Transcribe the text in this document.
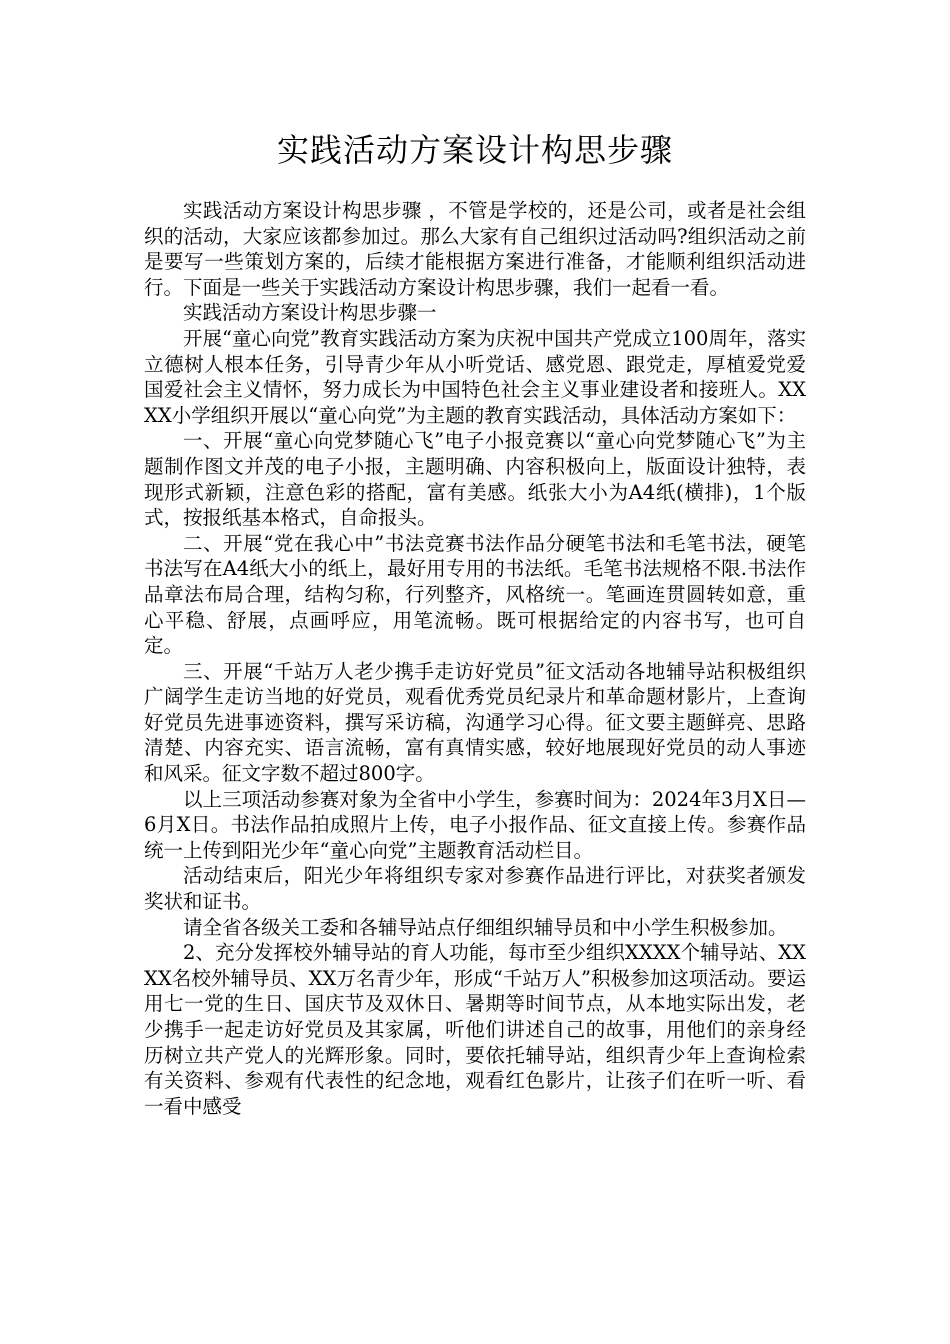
实践活动方案设计构思步骤

实践活动方案设计构思步骤 ，不管是学校的，还是公司，或者是社会组织的活动，大家应该都参加过。那么大家有自己组织过活动吗?组织活动之前是要写一些策划方案的，后续才能根据方案进行准备，才能顺利组织活动进行。下面是一些关于实践活动方案设计构思步骤，我们一起看一看。

实践活动方案设计构思步骤一

开展“童心向党”教育实践活动方案为庆祝中国共产党成立100周年，落实立德树人根本任务，引导青少年从小听党话、感党恩、跟党走，厚植爱党爱国爱社会主义情怀，努力成长为中国特色社会主义事业建设者和接班人。XXXX小学组织开展以“童心向党”为主题的教育实践活动，具体活动方案如下：

一、开展“童心向党梦随心飞”电子小报竞赛以“童心向党梦随心飞”为主题制作图文并茂的电子小报，主题明确、内容积极向上，版面设计独特，表现形式新颖，注意色彩的搭配，富有美感。纸张大小为A4纸(横排)，1个版式，按报纸基本格式，自命报头。

二、开展“党在我心中”书法竞赛书法作品分硬笔书法和毛笔书法，硬笔书法写在A4纸大小的纸上，最好用专用的书法纸。毛笔书法规格不限.书法作品章法布局合理，结构匀称，行列整齐，风格统一。笔画连贯圆转如意，重心平稳、舒展，点画呼应，用笔流畅。既可根据给定的内容书写，也可自定。

三、开展“千站万人老少携手走访好党员”征文活动各地辅导站积极组织广阔学生走访当地的好党员，观看优秀党员纪录片和革命题材影片，上查询好党员先进事迹资料，撰写采访稿，沟通学习心得。征文要主题鲜亮、思路清楚、内容充实、语言流畅，富有真情实感，较好地展现好党员的动人事迹和风采。征文字数不超过800字。

以上三项活动参赛对象为全省中小学生，参赛时间为：2024年3月X日—6月X日。书法作品拍成照片上传，电子小报作品、征文直接上传。参赛作品统一上传到阳光少年“童心向党”主题教育活动栏目。

活动结束后，阳光少年将组织专家对参赛作品进行评比，对获奖者颁发奖状和证书。

请全省各级关工委和各辅导站点仔细组织辅导员和中小学生积极参加。

2、充分发挥校外辅导站的育人功能，每市至少组织XXXX个辅导站、XXXX名校外辅导员、XX万名青少年，形成“千站万人”积极参加这项活动。要运用七一党的生日、国庆节及双休日、暑期等时间节点，从本地实际出发，老少携手一起走访好党员及其家属，听他们讲述自己的故事，用他们的亲身经历树立共产党人的光辉形象。同时，要依托辅导站，组织青少年上查询检索有关资料、参观有代表性的纪念地，观看红色影片，让孩子们在听一听、看一看中感受
